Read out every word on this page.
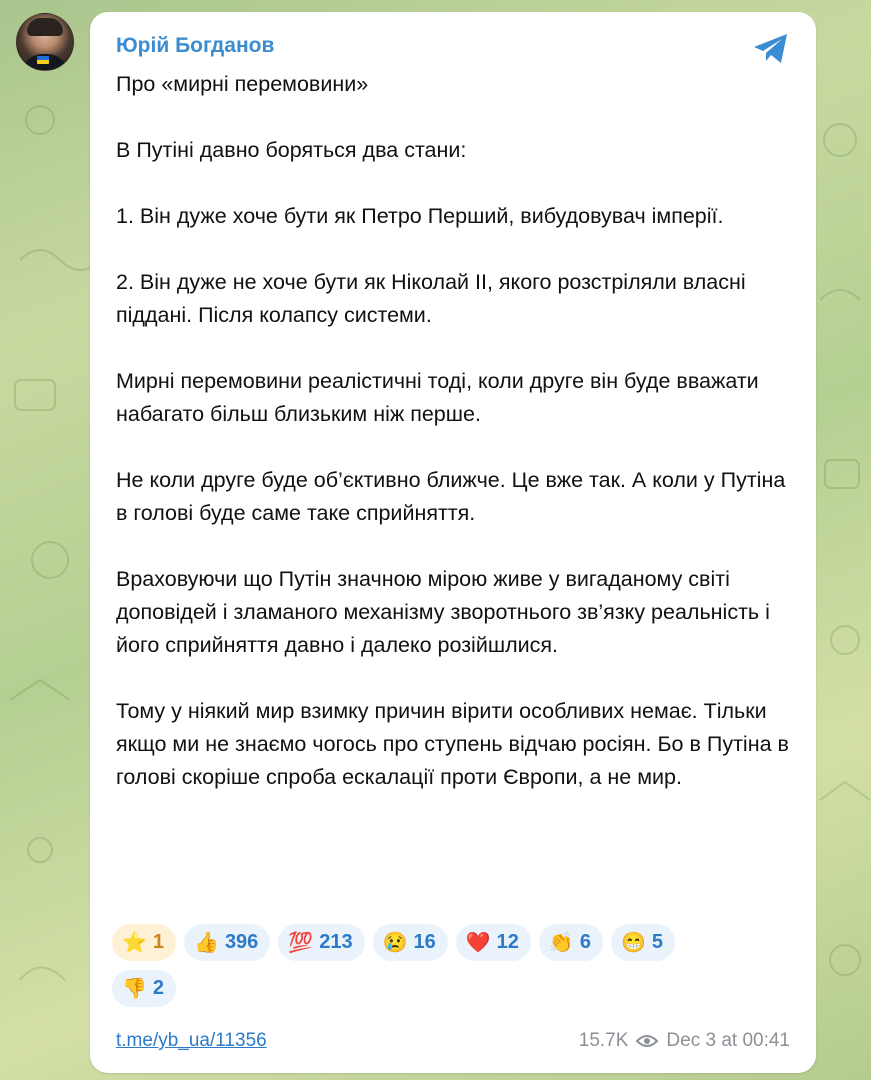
Юрій Богданов

Про «мирні перемовини»

В Путіні давно боряться два стани:

1. Він дуже хоче бути як Петро Перший, вибудовувач імперії.

2. Він дуже не хоче бути як Ніколай ІІ, якого розстріляли власні піддані. Після колапсу системи.

Мирні перемовини реалістичні тоді, коли друге він буде вважати набагато більш близьким ніж перше.

Не коли друге буде об’єктивно ближче. Це вже так. А коли у Путіна в голові буде саме таке сприйняття.

Враховуючи що Путін значною мірою живе у вигаданому світі доповідей і зламаного механізму зворотнього зв’язку реальність і його сприйняття давно і далеко розійшлися.

Тому у ніякий мир взимку причин вірити особливих немає. Тільки якщо ми не знаємо чогось про ступень відчаю росіян. Бо в Путіна в голові скоріше спроба ескалації проти Європи, а не мир.

⭐ 1 👍 396 💯 213 😢 16 ❤️ 12 👏 6 😁 5
👎 2
t.me/yb_ua/11356	15.7K Dec 3 at 00:41
